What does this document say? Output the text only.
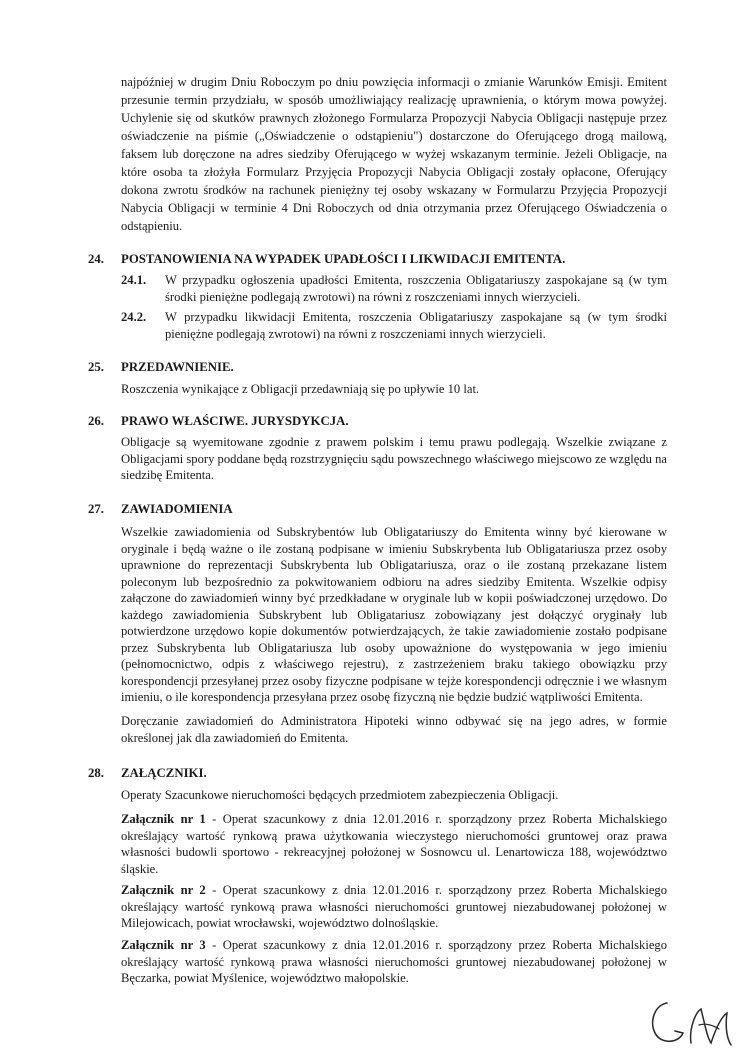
najpóźniej w drugim Dniu Roboczym po dniu powzięcia informacji o zmianie Warunków Emisji. Emitent przesunie termin przydziału, w sposób umożliwiający realizację uprawnienia, o którym mowa powyżej. Uchylenie się od skutków prawnych złożonego Formularza Propozycji Nabycia Obligacji następuje przez oświadczenie na piśmie („Oświadczenie o odstąpieniu") dostarczone do Oferującego drogą mailową, faksem lub doręczone na adres siedziby Oferującego w wyżej wskazanym terminie. Jeżeli Obligacje, na które osoba ta złożyła Formularz Przyjęcia Propozycji Nabycia Obligacji zostały opłacone, Oferujący dokona zwrotu środków na rachunek pieniężny tej osoby wskazany w Formularzu Przyjęcia Propozycji Nabycia Obligacji w terminie 4 Dni Roboczych od dnia otrzymania przez Oferującego Oświadczenia o odstąpieniu.

24. POSTANOWIENIA NA WYPADEK UPADŁOŚCI I LIKWIDACJI EMITENTA.

24.1. W przypadku ogłoszenia upadłości Emitenta, roszczenia Obligatariuszy zaspokajane są (w tym środki pieniężne podlegają zwrotowi) na równi z roszczeniami innych wierzycieli.
24.2. W przypadku likwidacji Emitenta, roszczenia Obligatariuszy zaspokajane są (w tym środki pieniężne podlegają zwrotowi) na równi z roszczeniami innych wierzycieli.

25. PRZEDAWNIENIE.

Roszczenia wynikające z Obligacji przedawniają się po upływie 10 lat.

26. PRAWO WŁAŚCIWE. JURYSDYKCJA.

Obligacje są wyemitowane zgodnie z prawem polskim i temu prawu podlegają. Wszelkie związane z Obligacjami spory poddane będą rozstrzygnięciu sądu powszechnego właściwego miejscowo ze względu na siedzibę Emitenta.

27. ZAWIADOMIENIA

Wszelkie zawiadomienia od Subskrybentów lub Obligatariuszy do Emitenta winny być kierowane w oryginale i będą ważne o ile zostaną podpisane w imieniu Subskrybenta lub Obligatariusza przez osoby uprawnione do reprezentacji Subskrybenta lub Obligatariusza, oraz o ile zostaną przekazane listem poleconym lub bezpośrednio za pokwitowaniem odbioru na adres siedziby Emitenta. Wszelkie odpisy załączone do zawiadomień winny być przedkładane w oryginale lub w kopii poświadczonej urzędowo. Do każdego zawiadomienia Subskrybent lub Obligatariusz zobowiązany jest dołączyć oryginały lub potwierdzone urzędowo kopie dokumentów potwierdzających, że takie zawiadomienie zostało podpisane przez Subskrybenta lub Obligatariusza lub osoby upoważnione do występowania w jego imieniu (pełnomocnictwo, odpis z właściwego rejestru), z zastrzeżeniem braku takiego obowiązku przy korespondencji przesyłanej przez osoby fizyczne podpisane w tejże korespondencji odręcznie i we własnym imieniu, o ile korespondencja przesyłana przez osobę fizyczną nie będzie budzić wątpliwości Emitenta.

Doręczanie zawiadomień do Administratora Hipoteki winno odbywać się na jego adres, w formie określonej jak dla zawiadomień do Emitenta.

28. ZAŁĄCZNIKI.

Operaty Szacunkowe nieruchomości będących przedmiotem zabezpieczenia Obligacji.

Załącznik nr 1 - Operat szacunkowy z dnia 12.01.2016 r. sporządzony przez Roberta Michalskiego określający wartość rynkową prawa użytkowania wieczystego nieruchomości gruntowej oraz prawa własności budowli sportowo - rekreacyjnej położonej w Sosnowcu ul. Lenartowicza 188, województwo śląskie.

Załącznik nr 2 - Operat szacunkowy z dnia 12.01.2016 r. sporządzony przez Roberta Michalskiego określający wartość rynkową prawa własności nieruchomości gruntowej niezabudowanej położonej w Milejowicach, powiat wrocławski, województwo dolnośląskie.

Załącznik nr 3 - Operat szacunkowy z dnia 12.01.2016 r. sporządzony przez Roberta Michalskiego określający wartość rynkową prawa własności nieruchomości gruntowej niezabudowanej położonej w Bęczarka, powiat Myślenice, województwo małopolskie.
